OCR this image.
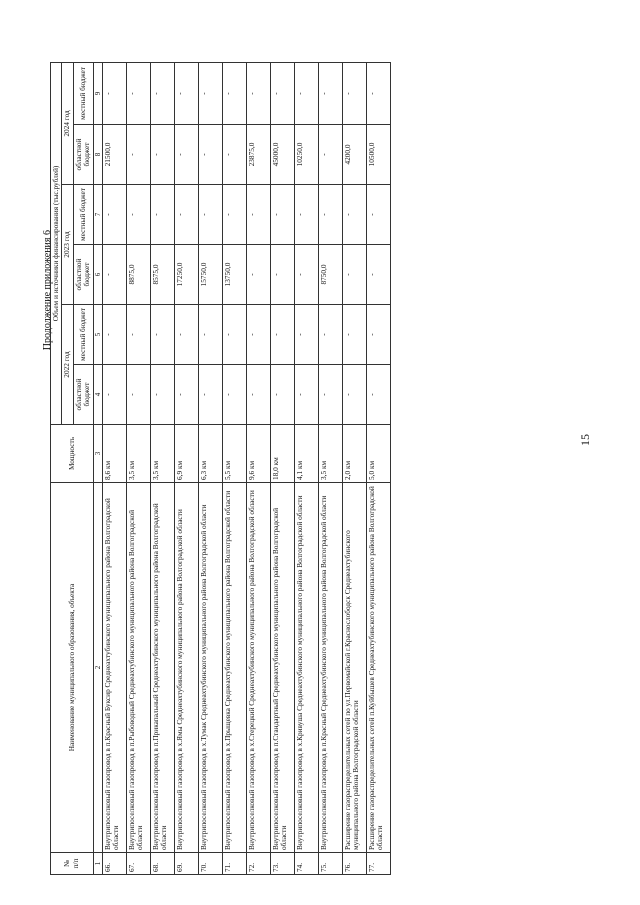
15
Продолжение приложения 6
№
п/п	Наименование муниципального образования, объекта	Мощность	Объем и источники финансирования (тыс.рублей)					
			2022 год		2023 год		2024 год	
			областной бюджет	местный бюджет	областной бюджет	местный бюджет	областной бюджет	местный бюджет
1	2	3	4	5	6	7	8	9
66.	Внутрипоселковый газопровод в п.Красный Буксир Среднеахтубинского муниципального района Волгоградской области	8,6 км	-	-	-	-	21500,0	-
67.	Внутрипоселковый газопровод в п.Рыбоводный Среднеахтубинского муниципального района Волгоградской области	3,5 км	-	-	8875,0	-	-	-
68.	Внутрипоселковый газопровод в п.Прикапальный Среднеахтубинского муниципального района Волгоградской области	3,5 км	-	-	8575,0	-	-	-
69.	Внутрипоселковый газопровод в х.Ямы Среднеахтубинского муниципального района Волгоградской области	6,9 км	-	-	17250,0	-	-	-
70.	Внутрипоселковый газопровод в х.Тумак Среднеахтубинского муниципального района Волгоградской области	6,3 км	-	-	15750,0	-	-	-
71.	Внутрипоселковый газопровод в х.Прыщевка Среднеахтубинского муниципального района Волгоградской области	5,5 км	-	-	13750,0	-	-	-
72.	Внутрипоселковый газопровод в х.Стерецкий Среднеахтубинского муниципального района Волгоградской области	9,6 км	-	-	-	-	23875,0	-
73.	Внутрипоселковый газопровод в п.Стандартный Среднеахтубинского муниципального района Волгоградской области	18,0 км	-	-	-	-	45000,0	-
74.	Внутрипоселковый газопровод в х.Кривуша Среднеахтубинского муниципального района Волгоградской области	4,1 км	-	-	-	-	10250,0	-
75.	Внутрипоселковый газопровод в п.Красный Среднеахтубинского муниципального района Волгоградской области	3,5 км	-	-	8750,0	-	-	-
76.	Расширение газораспределительных сетей по ул.Первомайской г.Краснослободск Среднеахтубинского муниципального района Волгоградской области	2,0 км	-	-	-	-	4200,0	-
77.	Расширение газораспределительных сетей п.Куйбышев Среднеахтубинского муниципального района Волгоградской области	5,0 км	-	-	-	-	10500,0	-
